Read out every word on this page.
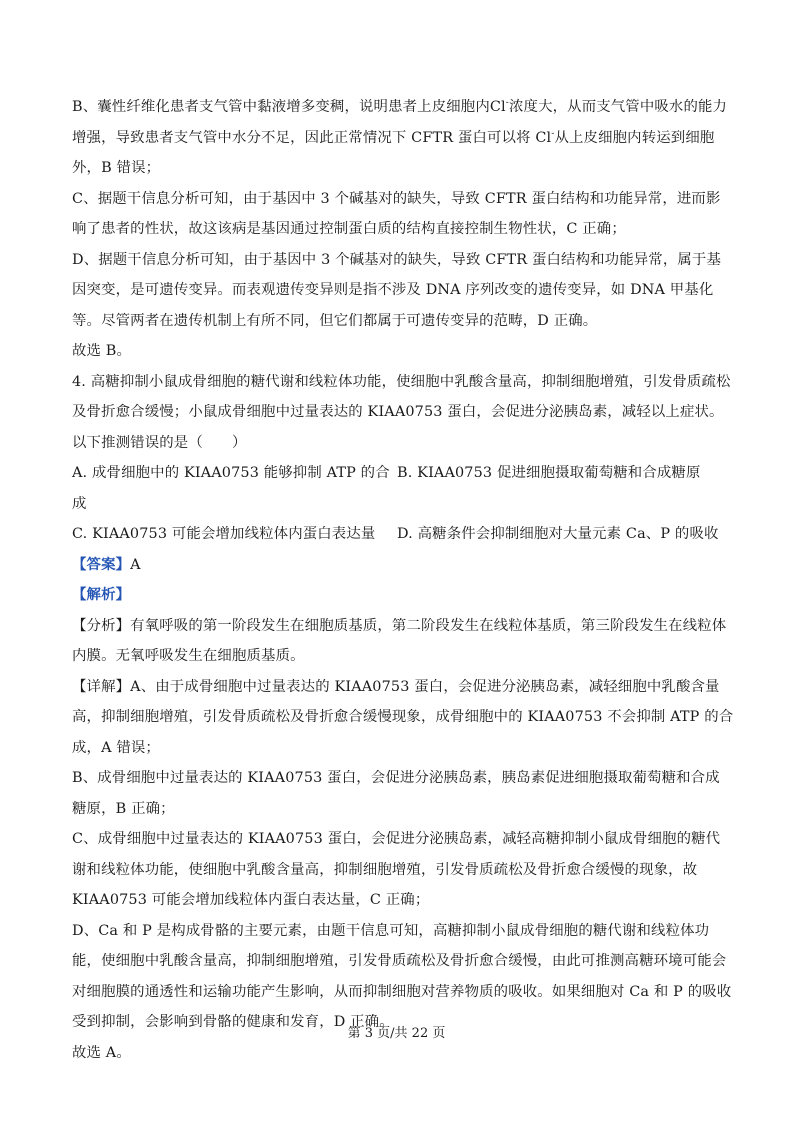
B、囊性纤维化患者支气管中黏液增多变稠，说明患者上皮细胞内Cl-浓度大，从而支气管中吸水的能力增强，导致患者支气管中水分不足，因此正常情况下 CFTR 蛋白可以将 Cl-从上皮细胞内转运到细胞外，B 错误；

C、据题干信息分析可知，由于基因中 3 个碱基对的缺失，导致 CFTR 蛋白结构和功能异常，进而影响了患者的性状，故这该病是基因通过控制蛋白质的结构直接控制生物性状，C 正确；

D、据题干信息分析可知，由于基因中 3 个碱基对的缺失，导致 CFTR 蛋白结构和功能异常，属于基因突变，是可遗传变异。而表观遗传变异则是指不涉及 DNA 序列改变的遗传变异，如 DNA 甲基化等。尽管两者在遗传机制上有所不同，但它们都属于可遗传变异的范畴，D 正确。

故选 B。

4. 高糖抑制小鼠成骨细胞的糖代谢和线粒体功能，使细胞中乳酸含量高，抑制细胞增殖，引发骨质疏松及骨折愈合缓慢；小鼠成骨细胞中过量表达的 KIAA0753 蛋白，会促进分泌胰岛素，减轻以上症状。以下推测错误的是（　　）

A. 成骨细胞中的 KIAA0753 能够抑制 ATP 的合成
B. KIAA0753 促进细胞摄取葡萄糖和合成糖原
C. KIAA0753 可能会增加线粒体内蛋白表达量	D. 高糖条件会抑制细胞对大量元素 Ca、P 的吸收

【答案】A

【解析】

【分析】有氧呼吸的第一阶段发生在细胞质基质，第二阶段发生在线粒体基质，第三阶段发生在线粒体内膜。无氧呼吸发生在细胞质基质。

【详解】A、由于成骨细胞中过量表达的 KIAA0753 蛋白，会促进分泌胰岛素，减轻细胞中乳酸含量高，抑制细胞增殖，引发骨质疏松及骨折愈合缓慢现象，成骨细胞中的 KIAA0753 不会抑制 ATP 的合成，A 错误；

B、成骨细胞中过量表达的 KIAA0753 蛋白，会促进分泌胰岛素，胰岛素促进细胞摄取葡萄糖和合成糖原，B 正确；

C、成骨细胞中过量表达的 KIAA0753 蛋白，会促进分泌胰岛素，减轻高糖抑制小鼠成骨细胞的糖代谢和线粒体功能，使细胞中乳酸含量高，抑制细胞增殖，引发骨质疏松及骨折愈合缓慢的现象，故 KIAA0753 可能会增加线粒体内蛋白表达量，C 正确；

D、Ca 和 P 是构成骨骼的主要元素，由题干信息可知，高糖抑制小鼠成骨细胞的糖代谢和线粒体功能，使细胞中乳酸含量高，抑制细胞增殖，引发骨质疏松及骨折愈合缓慢，由此可推测高糖环境可能会对细胞膜的通透性和运输功能产生影响，从而抑制细胞对营养物质的吸收。如果细胞对 Ca 和 P 的吸收受到抑制，会影响到骨骼的健康和发育，D 正确。

故选 A。

第 3 页/共 22 页
